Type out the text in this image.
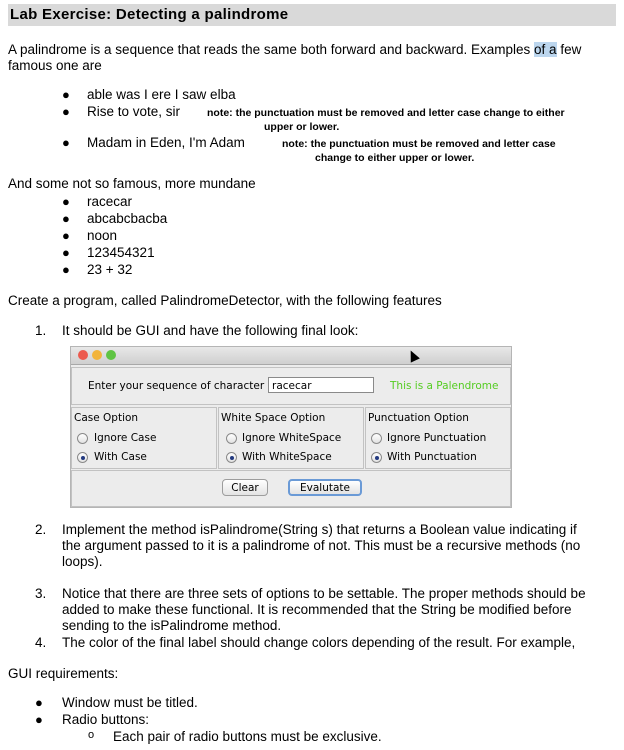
Lab Exercise: Detecting a palindrome
A palindrome is a sequence that reads the same both forward and backward. Examples of a few
famous one are
● able was I ere I saw elba
● Rise to vote, sir	note: the punctuation must be removed and letter case change to either
upper or lower.
● Madam in Eden, I'm Adam	note: the punctuation must be removed and letter case
change to either upper or lower.
And some not so famous, more mundane
● racecar
● abcabcbacba
● noon
● 123454321
● 23 + 32
Create a program, called PalindromeDetector, with the following features
1. It should be GUI and have the following final look:
Enter your sequence of character racecar	This is a Palendrome
Case Option
Ignore Case
With Case
White Space Option
Ignore WhiteSpace
With WhiteSpace
Punctuation Option
Ignore Punctuation
With Punctuation
Clear	Evalutate
2. Implement the method isPalindrome(String s) that returns a Boolean value indicating if
the argument passed to it is a palindrome of not. This must be a recursive methods (no
loops).
3. Notice that there are three sets of options to be settable. The proper methods should be
added to make these functional. It is recommended that the String be modified before
sending to the isPalindrome method.
4. The color of the final label should change colors depending of the result. For example,
GUI requirements:
● Window must be titled.
● Radio buttons:
o Each pair of radio buttons must be exclusive.
